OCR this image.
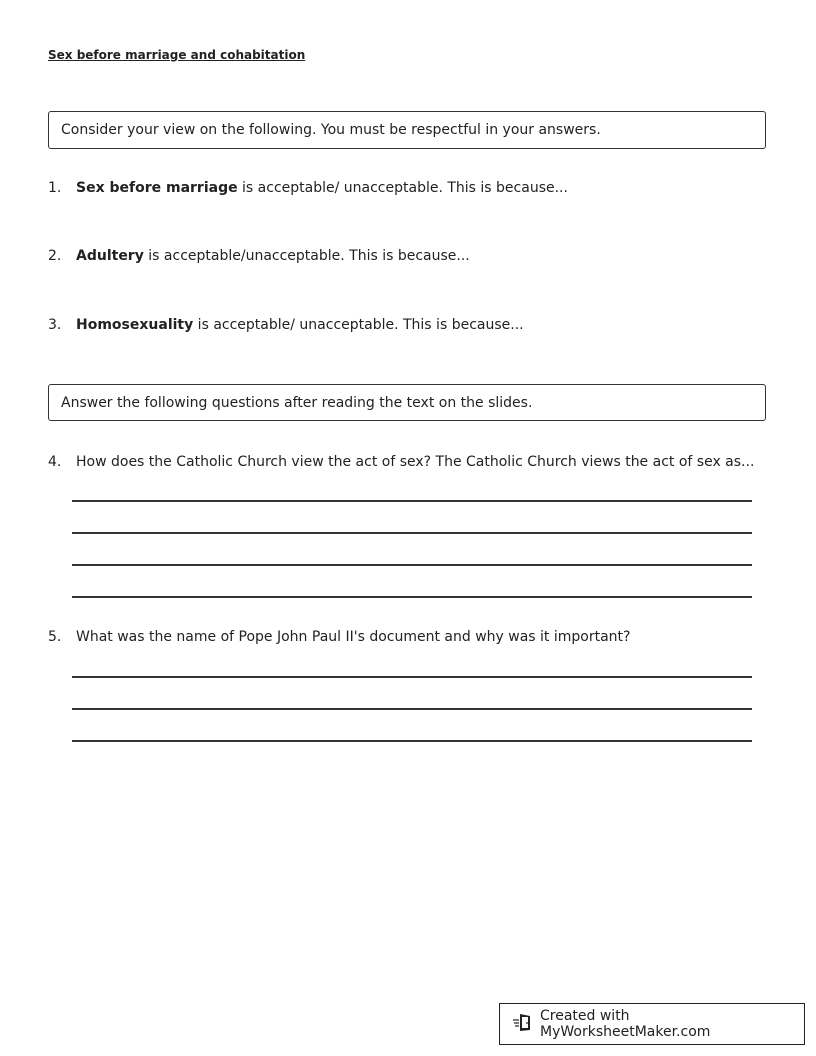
Sex before marriage and cohabitation
Consider your view on the following. You must be respectful in your answers.
1. Sex before marriage is acceptable/ unacceptable. This is because...
2. Adultery is acceptable/unacceptable. This is because...
3. Homosexuality is acceptable/ unacceptable. This is because...
Answer the following questions after reading the text on the slides.
4. How does the Catholic Church view the act of sex? The Catholic Church views the act of sex as...
5. What was the name of Pope John Paul II's document and why was it important?
Created with MyWorksheetMaker.com
